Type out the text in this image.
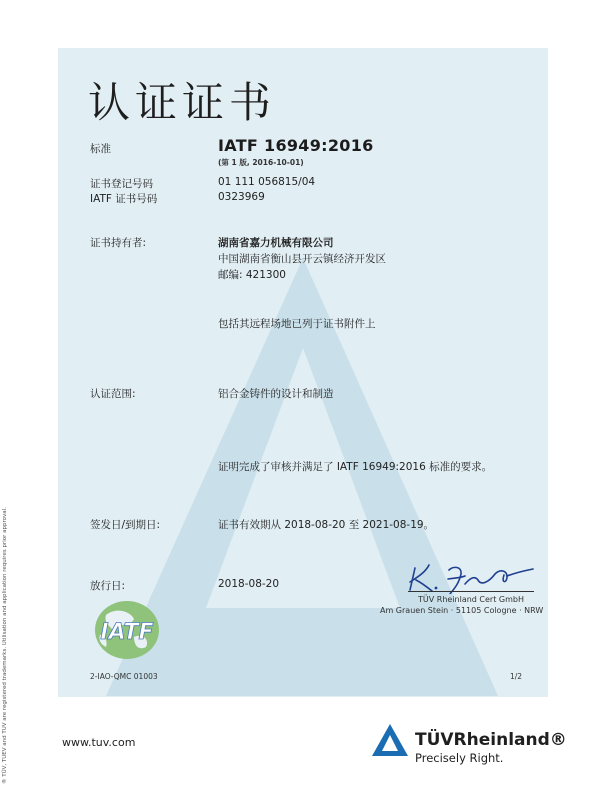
认证证书
标准	IATF 16949:2016
(第 1 版, 2016-10-01)
证书登记号码	01 111 056815/04
IATF 证书号码	0323969
证书持有者:	湖南省嘉力机械有限公司
中国湖南省衡山县开云镇经济开发区
邮编: 421300
包括其远程场地已列于证书附件上
认证范围:	铝合金铸件的设计和制造
证明完成了审核并满足了 IATF 16949:2016 标准的要求。
签发日/到期日:	证书有效期从 2018-08-20 至 2021-08-19。
放行日:	2018-08-20
TÜV Rheinland Cert GmbH
Am Grauen Stein · 51105 Cologne · NRW
IATF
2-IAO-QMC 01003	1/2
® TÜV, TUEV and TUV are registered trademarks. Utilisation and application requires prior approval.	www.tuv.com	TÜVRheinland®
Precisely Right.
